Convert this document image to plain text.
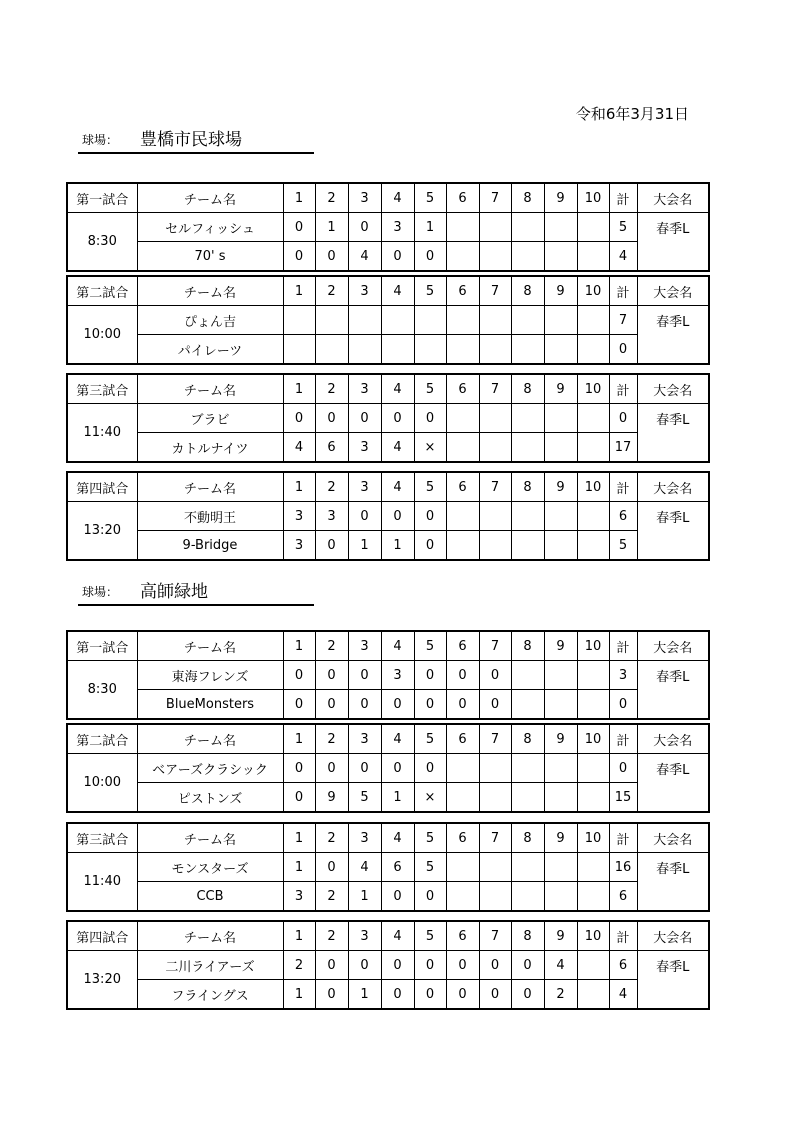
令和6年3月31日
球場： 豊橋市民球場
第一試合	チーム名	1	2	3	4	5	6	7	8	9	10	計	大会名
8:30	セルフィッシュ	0	1	0	3	1						5	春季L
	70' s	0	0	4	0	0						4	
第二試合	チーム名	1	2	3	4	5	6	7	8	9	10	計	大会名
10:00	ぴょん吉											7	春季L
	パイレーツ											0	
第三試合	チーム名	1	2	3	4	5	6	7	8	9	10	計	大会名
11:40	ブラビ	0	0	0	0	0						0	春季L
	カトルナイツ	4	6	3	4	×						17	
第四試合	チーム名	1	2	3	4	5	6	7	8	9	10	計	大会名
13:20	不動明王	3	3	0	0	0						6	春季L
	9-Bridge	3	0	1	1	0						5	
球場： 高師緑地
第一試合	チーム名	1	2	3	4	5	6	7	8	9	10	計	大会名
8:30	東海フレンズ	0	0	0	3	0	0	0				3	春季L
	BlueMonsters	0	0	0	0	0	0	0				0	
第二試合	チーム名	1	2	3	4	5	6	7	8	9	10	計	大会名
10:00	ベアーズクラシック	0	0	0	0	0						0	春季L
	ピストンズ	0	9	5	1	×						15	
第三試合	チーム名	1	2	3	4	5	6	7	8	9	10	計	大会名
11:40	モンスターズ	1	0	4	6	5						16	春季L
	CCB	3	2	1	0	0						6	
第四試合	チーム名	1	2	3	4	5	6	7	8	9	10	計	大会名
13:20	二川ライアーズ	2	0	0	0	0	0	0	0	4		6	春季L
	フライングス	1	0	1	0	0	0	0	0	2		4	
